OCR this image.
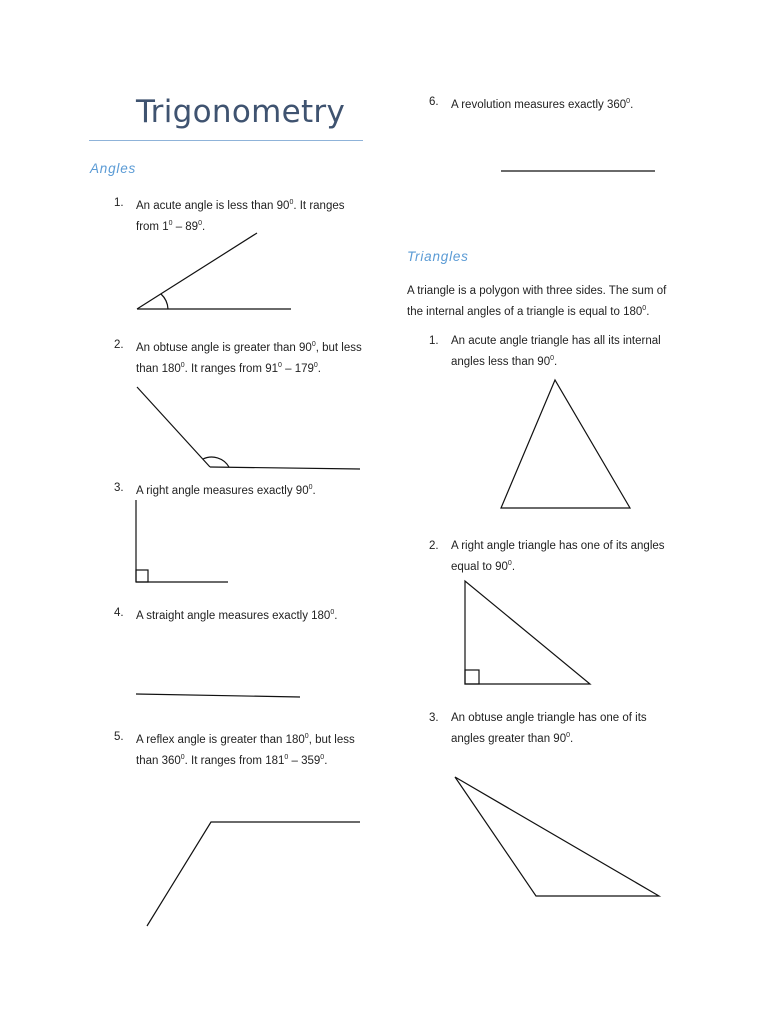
Trigonometry
Angles
1. An acute angle is less than $90^0$. It ranges
from $1^0 - 89^0$.
2. An obtuse angle is greater than $90^0$, but less
than $180^0$. It ranges from $91^0 - 179^0$.
3. A right angle measures exactly $90^0$.
4. A straight angle measures exactly $180^0$.
5. A reflex angle is greater than $180^0$, but less
than $360^0$. It ranges from $181^0 - 359^0$.
6. A revolution measures exactly $360^0$.
Triangles
A triangle is a polygon with three sides. The sum of
the internal angles of a triangle is equal to $180^0$.
1. An acute angle triangle has all its internal
angles less than $90^0$.
2. A right angle triangle has one of its angles
equal to $90^0$.
3. An obtuse angle triangle has one of its
angles greater than $90^0$.
